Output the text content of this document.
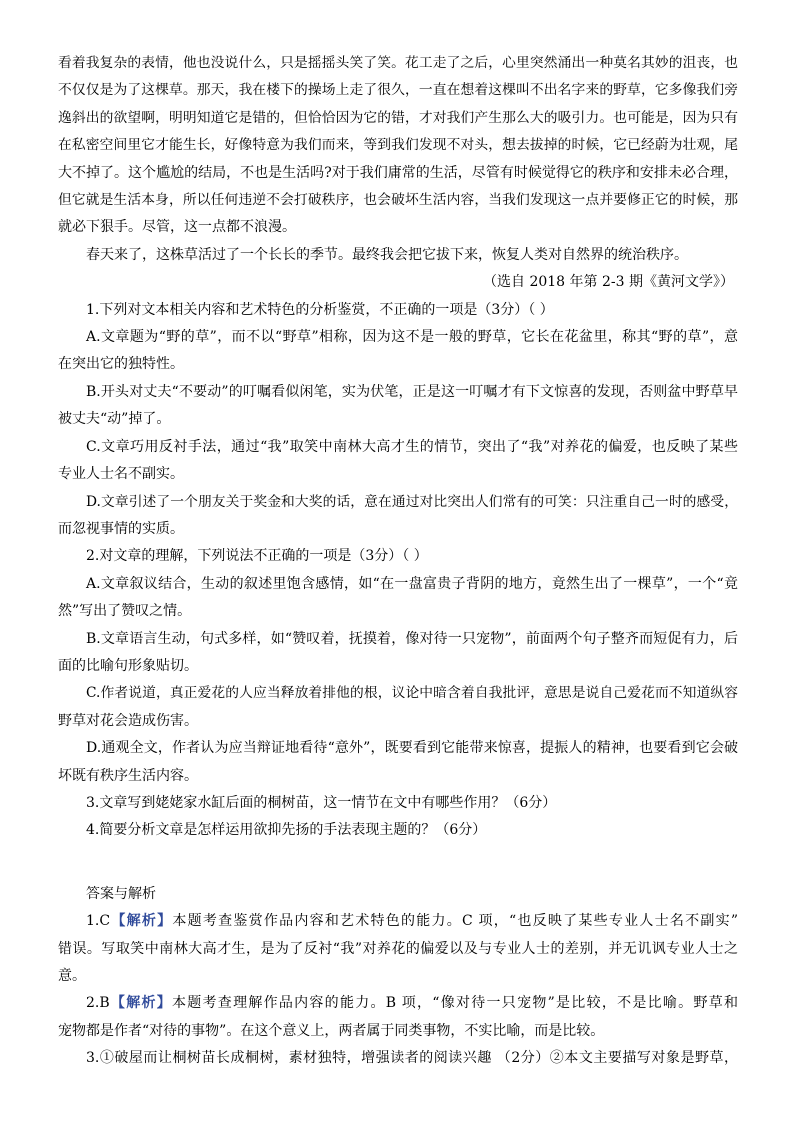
看着我复杂的表情，他也没说什么，只是摇摇头笑了笑。花工走了之后，心里突然涌出一种莫名其妙的沮丧，也
不仅仅是为了这棵草。那天，我在楼下的操场上走了很久，一直在想着这棵叫不出名字来的野草，它多像我们旁
逸斜出的欲望啊，明明知道它是错的，但恰恰因为它的错，才对我们产生那么大的吸引力。也可能是，因为只有
在私密空间里它才能生长，好像特意为我们而来，等到我们发现不对头，想去拔掉的时候，它已经蔚为壮观，尾
大不掉了。这个尴尬的结局，不也是生活吗?对于我们庸常的生活，尽管有时候觉得它的秩序和安排未必合理，
但它就是生活本身，所以任何违逆不会打破秩序，也会破坏生活内容，当我们发现这一点并要修正它的时候，那
就必下狠手。尽管，这一点都不浪漫。
春天来了，这株草活过了一个长长的季节。最终我会把它拔下来，恢复人类对自然界的统治秩序。
（选自 2018 年第 2-3 期《黄河文学》）
1.下列对文本相关内容和艺术特色的分析鉴赏，不正确的一项是（3分）（ ）
A.文章题为“野的草”，而不以“野草”相称，因为这不是一般的野草，它长在花盆里，称其“野的草”，意
在突出它的独特性。
B.开头对丈夫“不要动”的叮嘱看似闲笔，实为伏笔，正是这一叮嘱才有下文惊喜的发现，否则盆中野草早
被丈夫“动”掉了。
C.文章巧用反衬手法，通过“我”取笑中南林大高才生的情节，突出了“我”对养花的偏爱，也反映了某些
专业人士名不副实。
D.文章引述了一个朋友关于奖金和大奖的话，意在通过对比突出人们常有的可笑：只注重自己一时的感受，
而忽视事情的实质。
2.对文章的理解，下列说法不正确的一项是（3分）（ ）
A.文章叙议结合，生动的叙述里饱含感情，如“在一盘富贵子背阴的地方，竟然生出了一棵草”，一个“竟
然”写出了赞叹之情。
B.文章语言生动，句式多样，如“赞叹着，抚摸着，像对待一只宠物”，前面两个句子整齐而短促有力，后
面的比喻句形象贴切。
C.作者说道，真正爱花的人应当释放着排他的根，议论中暗含着自我批评，意思是说自己爱花而不知道纵容
野草对花会造成伤害。
D.通观全文，作者认为应当辩证地看待“意外”，既要看到它能带来惊喜，提振人的精神，也要看到它会破
坏既有秩序生活内容。
3.文章写到姥姥家水缸后面的桐树苗，这一情节在文中有哪些作用？（6分）
4.简要分析文章是怎样运用欲抑先扬的手法表现主题的？（6分）
答案与解析
1.C【解析】本题考查鉴赏作品内容和艺术特色的能力。C 项，“也反映了某些专业人士名不副实”
错误。写取笑中南林大高才生，是为了反衬“我”对养花的偏爱以及与专业人士的差别，并无讥讽专业人士之
意。
2.B【解析】本题考查理解作品内容的能力。B 项，“像对待一只宠物”是比较，不是比喻。野草和
宠物都是作者“对待的事物”。在这个意义上，两者属于同类事物，不实比喻，而是比较。
3.①破屋而让桐树苗长成桐树，素材独特，增强读者的阅读兴趣 （2分）②本文主要描写对象是野草，
